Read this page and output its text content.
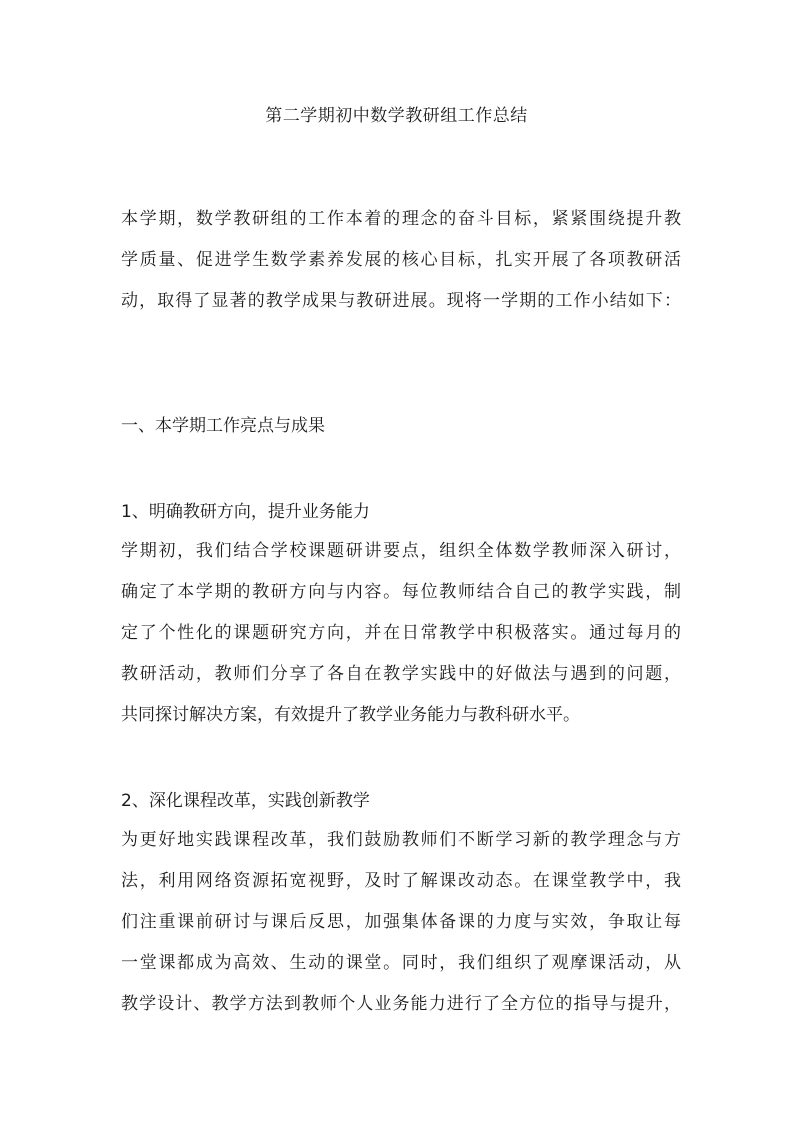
第二学期初中数学教研组工作总结
本学期，数学教研组的工作本着的理念的奋斗目标，紧紧围绕提升教
学质量、促进学生数学素养发展的核心目标，扎实开展了各项教研活
动，取得了显著的教学成果与教研进展。现将一学期的工作小结如下：
一、本学期工作亮点与成果
1、明确教研方向，提升业务能力
学期初，我们结合学校课题研讲要点，组织全体数学教师深入研讨，
确定了本学期的教研方向与内容。每位教师结合自己的教学实践，制
定了个性化的课题研究方向，并在日常教学中积极落实。通过每月的
教研活动，教师们分享了各自在教学实践中的好做法与遇到的问题，
共同探讨解决方案，有效提升了教学业务能力与教科研水平。
2、深化课程改革，实践创新教学
为更好地实践课程改革，我们鼓励教师们不断学习新的教学理念与方
法，利用网络资源拓宽视野，及时了解课改动态。在课堂教学中，我
们注重课前研讨与课后反思，加强集体备课的力度与实效，争取让每
一堂课都成为高效、生动的课堂。同时，我们组织了观摩课活动，从
教学设计、教学方法到教师个人业务能力进行了全方位的指导与提升，
